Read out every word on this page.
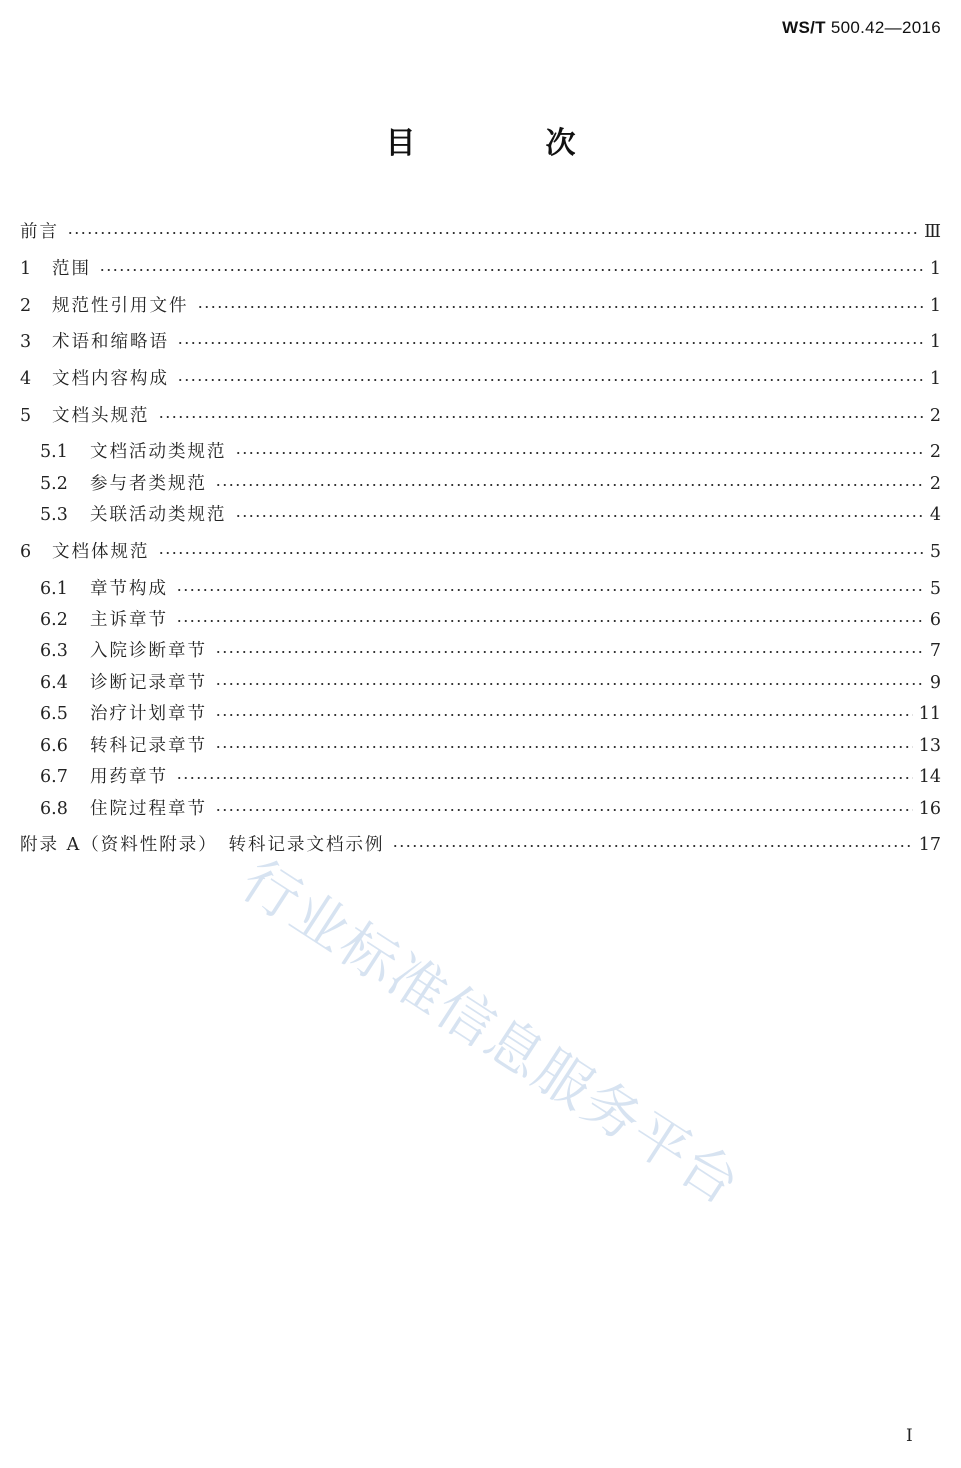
WS/T 500.42—2016
目　次
前言	Ⅲ
1	范围	1
2	规范性引用文件	1
3	术语和缩略语	1
4	文档内容构成	1
5	文档头规范	2
5.1	文档活动类规范	2
5.2	参与者类规范	2
5.3	关联活动类规范	4
6	文档体规范	5
6.1	章节构成	5
6.2	主诉章节	6
6.3	入院诊断章节	7
6.4	诊断记录章节	9
6.5	治疗计划章节	11
6.6	转科记录章节	13
6.7	用药章节	14
6.8	住院过程章节	16
附录 A（资料性附录）　转科记录文档示例	17
行业标准信息服务平台
Ⅰ
